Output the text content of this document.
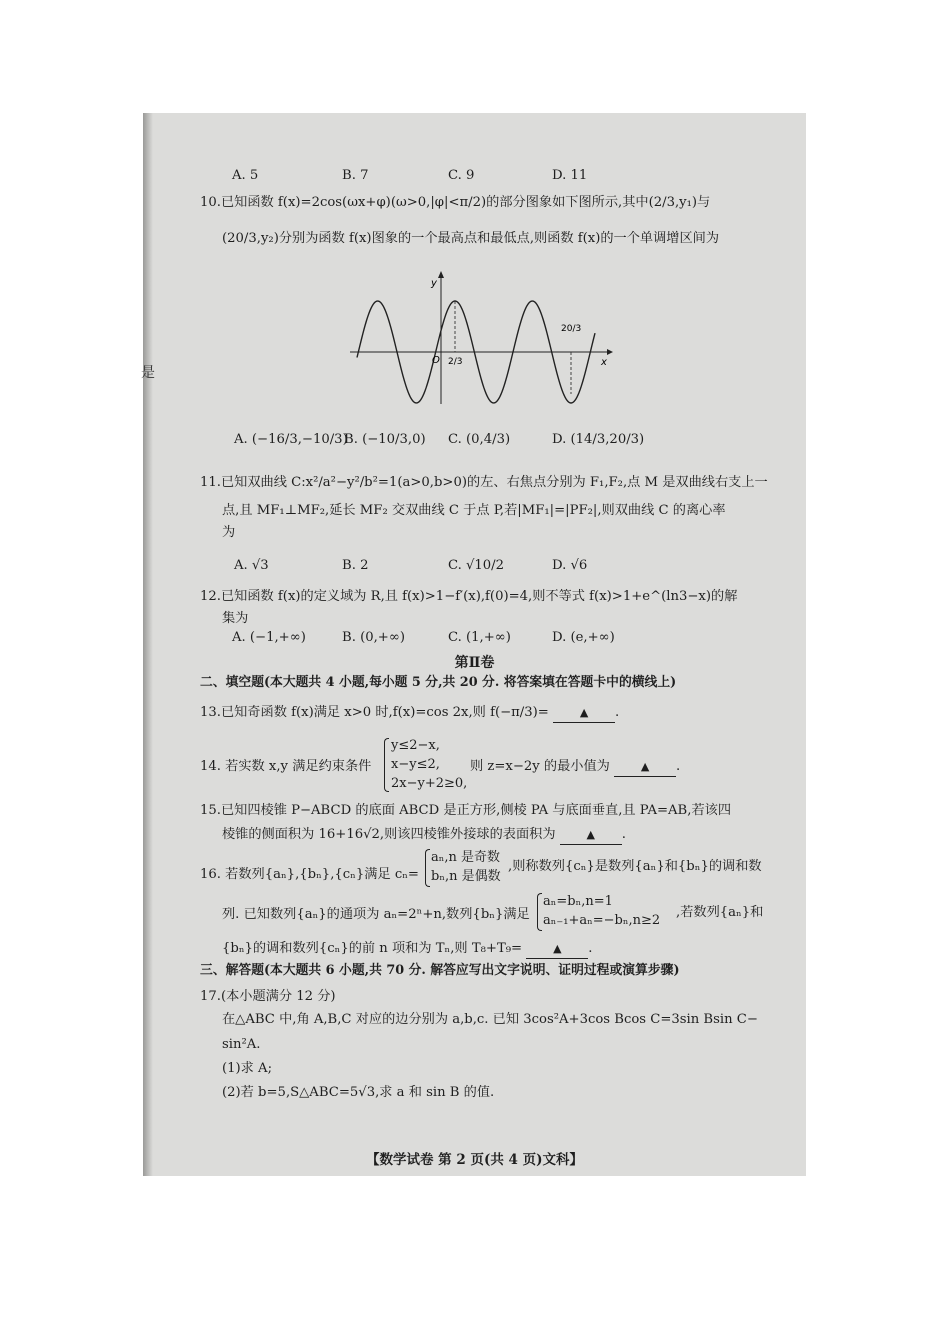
是
A. 5	B. 7	C. 9	D. 11
10.已知函数 f(x)=2cos(ωx+φ)(ω>0,|φ|<π/2)的部分图象如下图所示,其中(2/3,y₁)与
(20/3,y₂)分别为函数 f(x)图象的一个最高点和最低点,则函数 f(x)的一个单调增区间为
y
x
O 2/3
20/3
A. (−16/3,−10/3)
B. (−10/3,0) C. (0,4/3)	D. (14/3,20/3)
11.已知双曲线 C:x²/a²−y²/b²=1(a>0,b>0)的左、右焦点分别为 F₁,F₂,点 M 是双曲线右支上一
点,且 MF₁⊥MF₂,延长 MF₂ 交双曲线 C 于点 P,若|MF₁|=|PF₂|,则双曲线 C 的离心率
为
A. √3	B. 2	C. √10/2	D. √6
12.已知函数 f(x)的定义域为 R,且 f(x)>1−f′(x),f(0)=4,则不等式 f(x)>1+e^(ln3−x)的解
集为
A. (−1,+∞)	B. (0,+∞)	C. (1,+∞)	D. (e,+∞)
第Ⅱ卷
二、填空题(本大题共 4 小题,每小题 5 分,共 20 分. 将答案填在答题卡中的横线上)
13.已知奇函数 f(x)满足 x>0 时,f(x)=cos 2x,则 f(−π/3)=	▲ .
14. 若实数 x,y 满足约束条件
y≤2−x,
x−y≤2,
2x−y+2≥0,
则 z=x−2y 的最小值为	▲ .
15.已知四棱锥 P−ABCD 的底面 ABCD 是正方形,侧棱 PA 与底面垂直,且 PA=AB,若该四
棱锥的侧面积为 16+16√2,则该四棱锥外接球的表面积为	▲ .
16. 若数列{aₙ},{bₙ},{cₙ}满足 cₙ=
aₙ,n 是奇数
bₙ,n 是偶数
,则称数列{cₙ}是数列{aₙ}和{bₙ}的调和数
列. 已知数列{aₙ}的通项为 aₙ=2ⁿ+n,数列{bₙ}满足
aₙ=bₙ,n=1
aₙ₋₁+aₙ=−bₙ,n≥2
,若数列{aₙ}和
{bₙ}的调和数列{cₙ}的前 n 项和为 Tₙ,则 T₈+T₉=	▲ .
三、解答题(本大题共 6 小题,共 70 分. 解答应写出文字说明、证明过程或演算步骤)
17.(本小题满分 12 分)
在△ABC 中,角 A,B,C 对应的边分别为 a,b,c. 已知 3cos²A+3cos Bcos C=3sin Bsin C−
sin²A.
(1)求 A;
(2)若 b=5,S△ABC=5√3,求 a 和 sin B 的值.
【数学试卷 第 2 页(共 4 页)文科】
